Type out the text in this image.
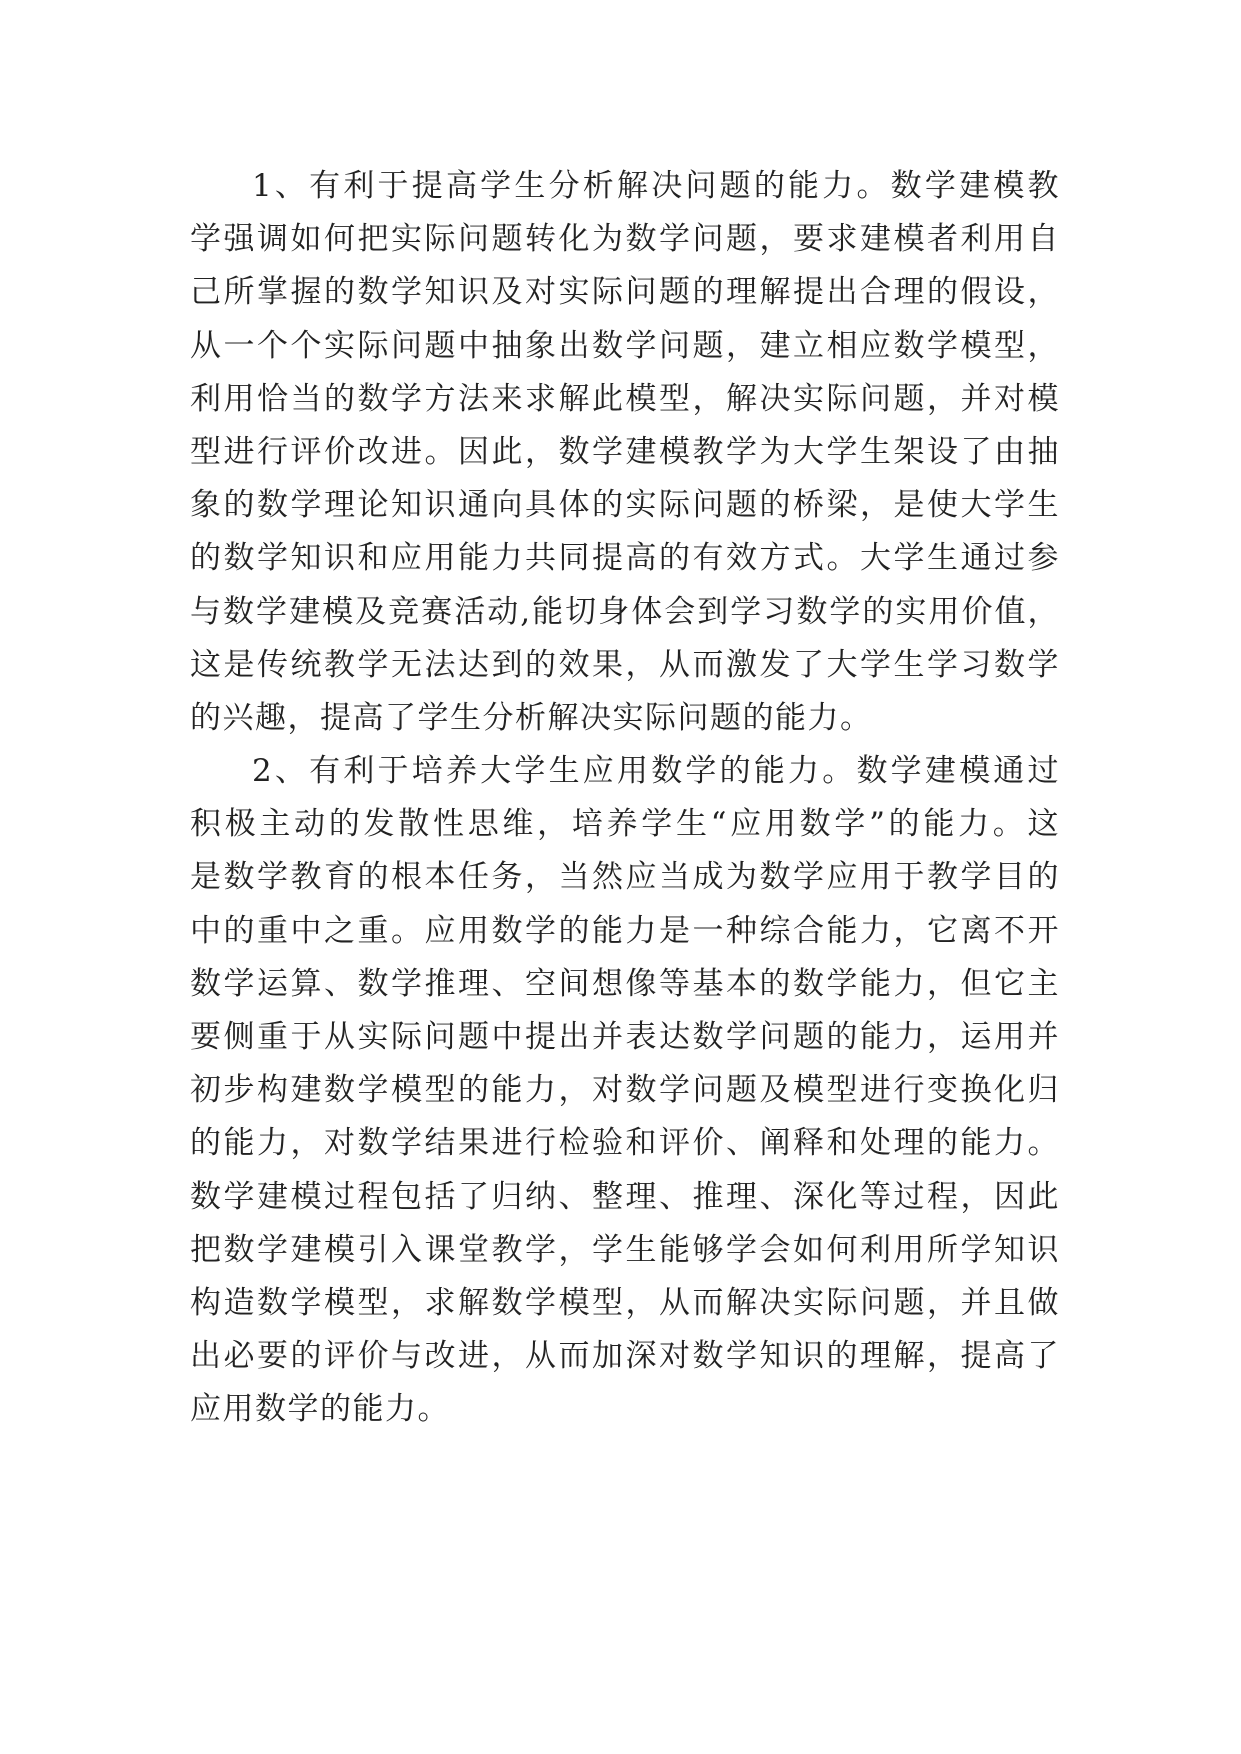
1、有利于提高学生分析解决问题的能力。数学建模教
学强调如何把实际问题转化为数学问题，要求建模者利用自
己所掌握的数学知识及对实际问题的理解提出合理的假设，
从一个个实际问题中抽象出数学问题，建立相应数学模型，
利用恰当的数学方法来求解此模型，解决实际问题，并对模
型进行评价改进。因此，数学建模教学为大学生架设了由抽
象的数学理论知识通向具体的实际问题的桥梁，是使大学生
的数学知识和应用能力共同提高的有效方式。大学生通过参
与数学建模及竞赛活动,能切身体会到学习数学的实用价值，
这是传统教学无法达到的效果，从而激发了大学生学习数学
的兴趣，提高了学生分析解决实际问题的能力。
2、有利于培养大学生应用数学的能力。数学建模通过
积极主动的发散性思维，培养学生“应用数学”的能力。这
是数学教育的根本任务，当然应当成为数学应用于教学目的
中的重中之重。应用数学的能力是一种综合能力，它离不开
数学运算、数学推理、空间想像等基本的数学能力，但它主
要侧重于从实际问题中提出并表达数学问题的能力，运用并
初步构建数学模型的能力，对数学问题及模型进行变换化归
的能力，对数学结果进行检验和评价、阐释和处理的能力。
数学建模过程包括了归纳、整理、推理、深化等过程，因此
把数学建模引入课堂教学，学生能够学会如何利用所学知识
构造数学模型，求解数学模型，从而解决实际问题，并且做
出必要的评价与改进，从而加深对数学知识的理解，提高了
应用数学的能力。
